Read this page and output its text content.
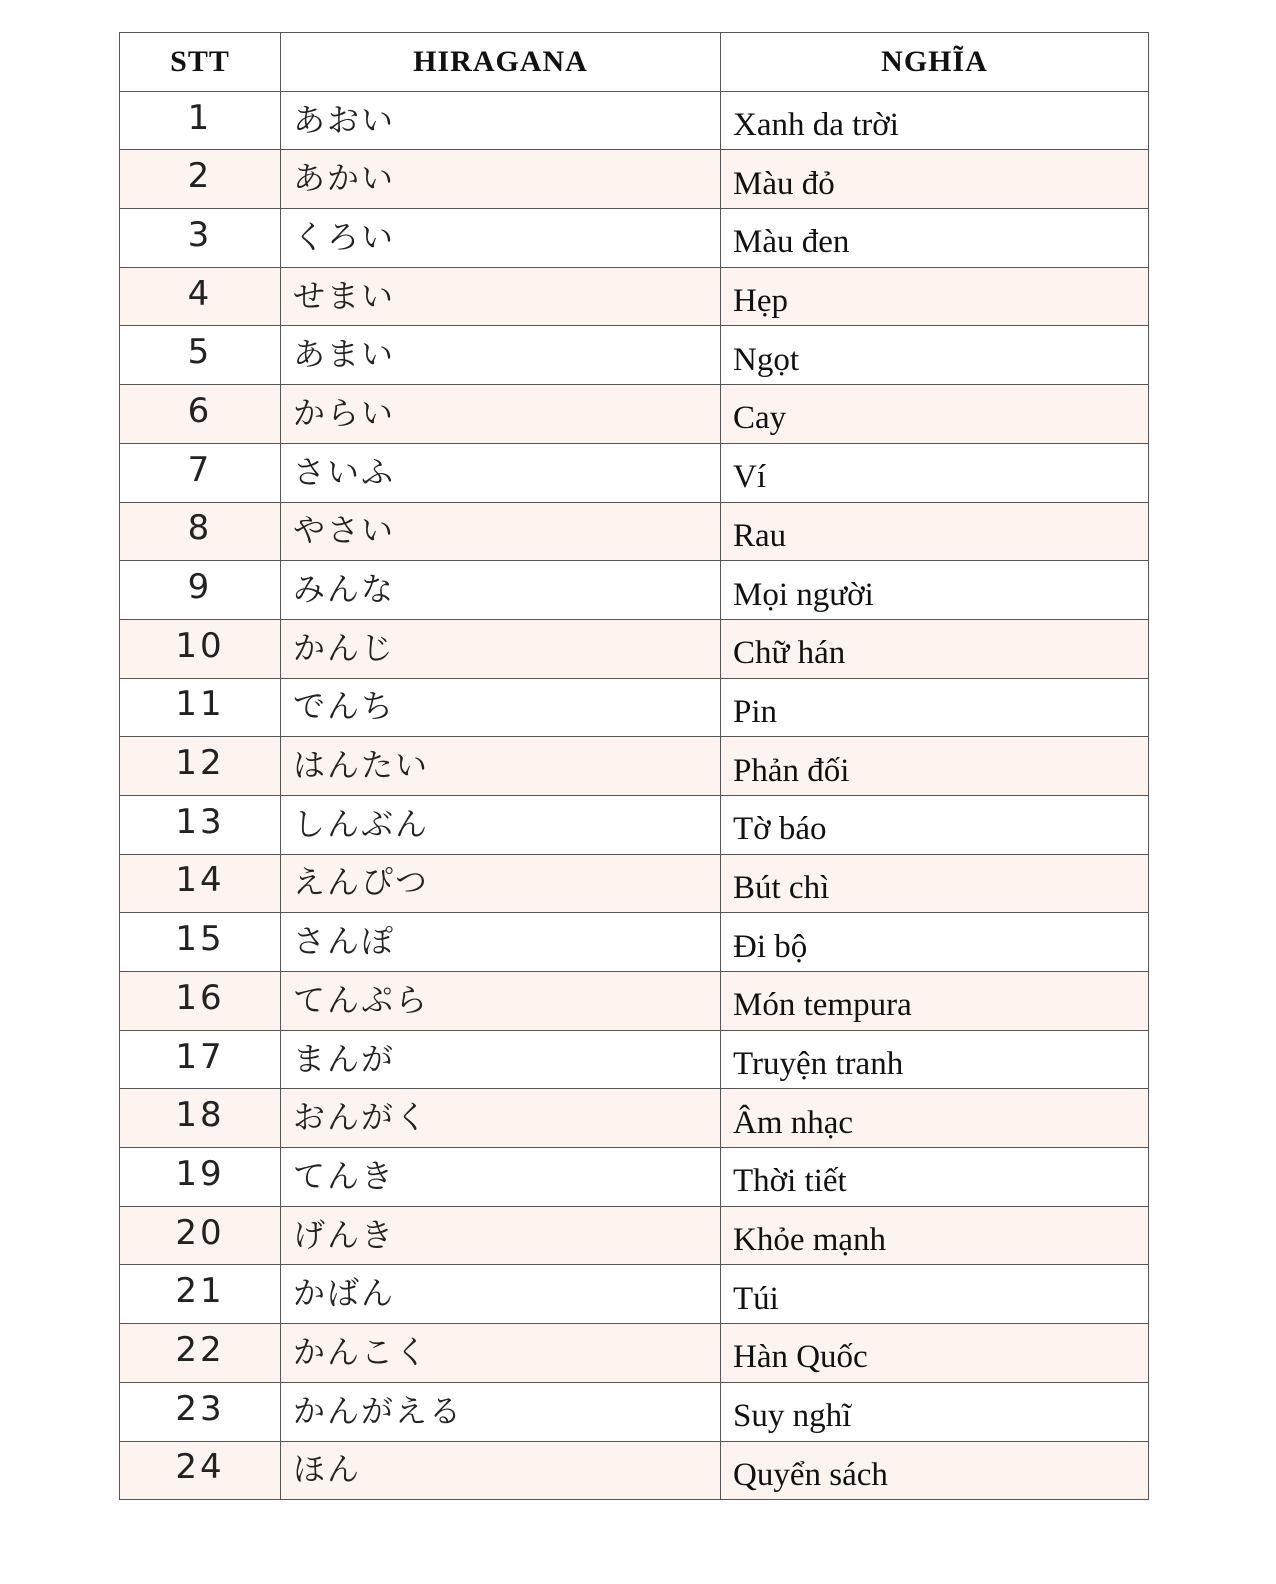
STT	HIRAGANA	NGHĨA
1	あおい	Xanh da trời
2	あかい	Màu đỏ
3	くろい	Màu đen
4	せまい	Hẹp
5	あまい	Ngọt
6	からい	Cay
7	さいふ	Ví
8	やさい	Rau
9	みんな	Mọi người
10	かんじ	Chữ hán
11	でんち	Pin
12	はんたい	Phản đối
13	しんぶん	Tờ báo
14	えんぴつ	Bút chì
15	さんぽ	Đi bộ
16	てんぷら	Món tempura
17	まんが	Truyện tranh
18	おんがく	Âm nhạc
19	てんき	Thời tiết
20	げんき	Khỏe mạnh
21	かばん	Túi
22	かんこく	Hàn Quốc
23	かんがえる	Suy nghĩ
24	ほん	Quyển sách
